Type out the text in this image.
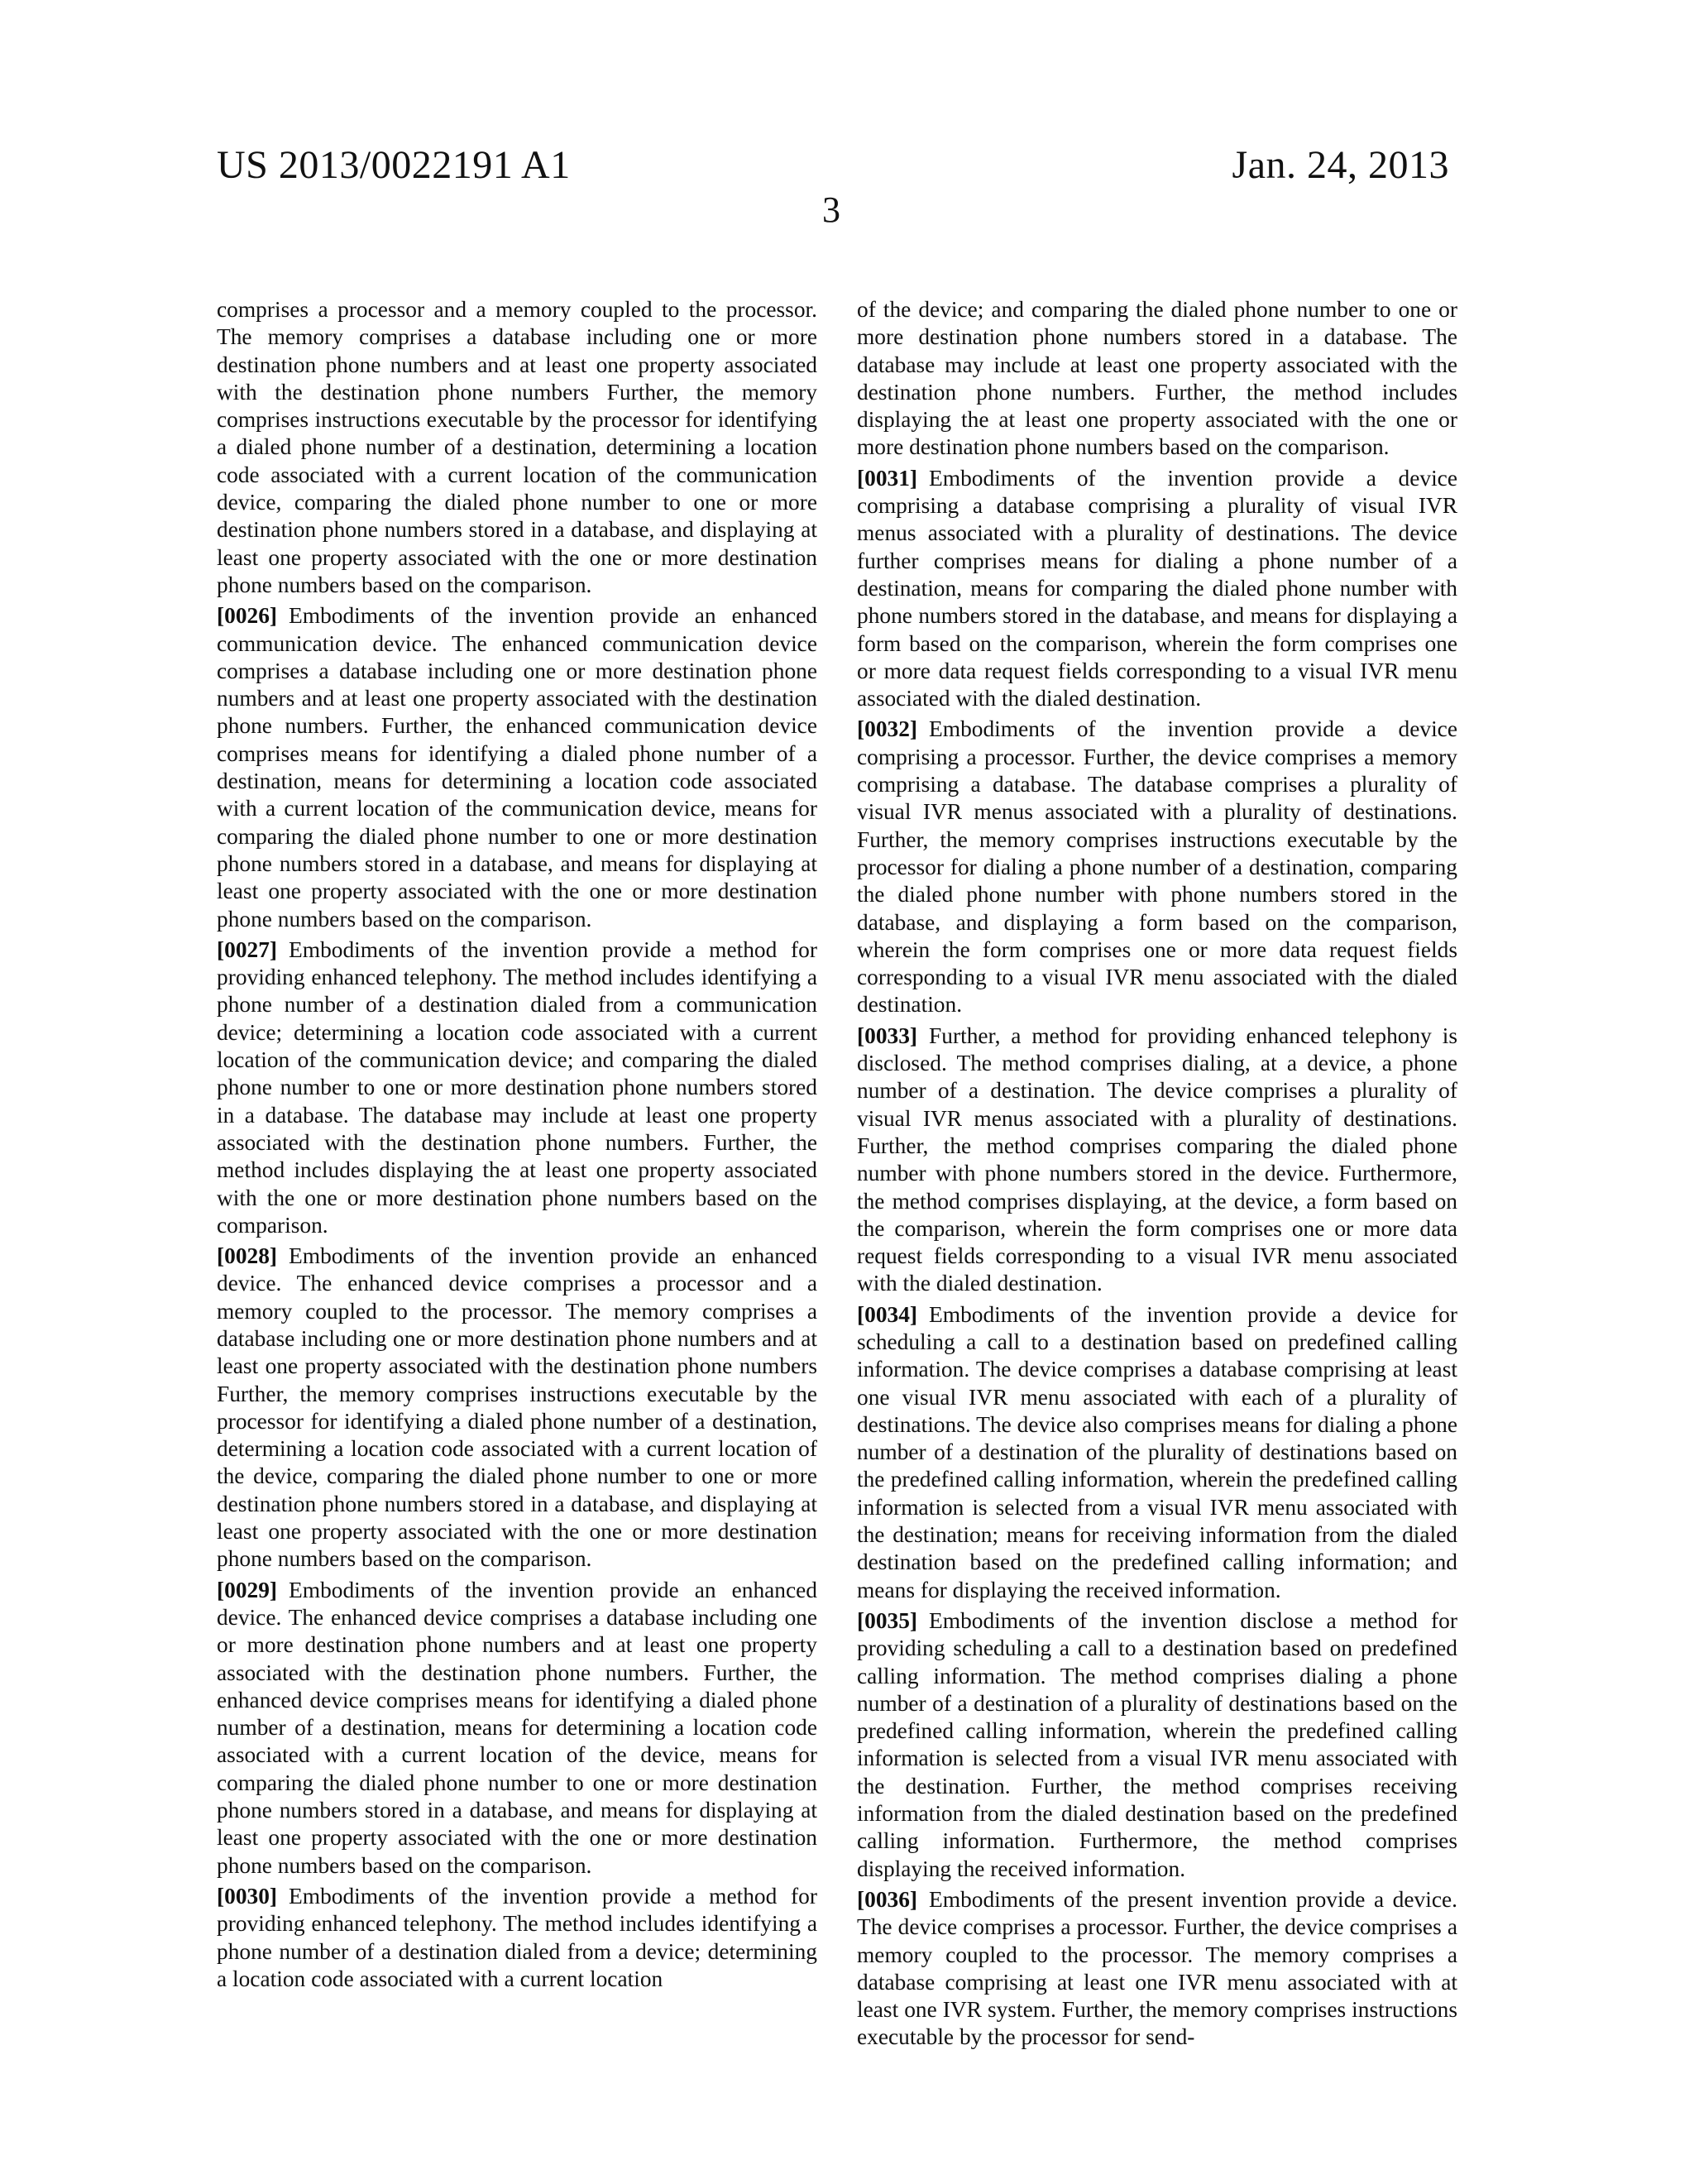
US 2013/0022191 A1	Jan. 24, 2013
3

comprises a processor and a memory coupled to the processor. The memory comprises a database including one or more destination phone numbers and at least one property associated with the destination phone numbers Further, the memory comprises instructions executable by the processor for identifying a dialed phone number of a destination, determining a location code associated with a current location of the communication device, comparing the dialed phone number to one or more destination phone numbers stored in a database, and displaying at least one property associated with the one or more destination phone numbers based on the comparison.

[0026] Embodiments of the invention provide an enhanced communication device. The enhanced communication device comprises a database including one or more destination phone numbers and at least one property associated with the destination phone numbers. Further, the enhanced communication device comprises means for identifying a dialed phone number of a destination, means for determining a location code associated with a current location of the communication device, means for comparing the dialed phone number to one or more destination phone numbers stored in a database, and means for displaying at least one property associated with the one or more destination phone numbers based on the comparison.

[0027] Embodiments of the invention provide a method for providing enhanced telephony. The method includes identifying a phone number of a destination dialed from a communication device; determining a location code associated with a current location of the communication device; and comparing the dialed phone number to one or more destination phone numbers stored in a database. The database may include at least one property associated with the destination phone numbers. Further, the method includes displaying the at least one property associated with the one or more destination phone numbers based on the comparison.

[0028] Embodiments of the invention provide an enhanced device. The enhanced device comprises a processor and a memory coupled to the processor. The memory comprises a database including one or more destination phone numbers and at least one property associated with the destination phone numbers Further, the memory comprises instructions executable by the processor for identifying a dialed phone number of a destination, determining a location code associated with a current location of the device, comparing the dialed phone number to one or more destination phone numbers stored in a database, and displaying at least one property associated with the one or more destination phone numbers based on the comparison.

[0029] Embodiments of the invention provide an enhanced device. The enhanced device comprises a database including one or more destination phone numbers and at least one property associated with the destination phone numbers. Further, the enhanced device comprises means for identifying a dialed phone number of a destination, means for determining a location code associated with a current location of the device, means for comparing the dialed phone number to one or more destination phone numbers stored in a database, and means for displaying at least one property associated with the one or more destination phone numbers based on the comparison.

[0030] Embodiments of the invention provide a method for providing enhanced telephony. The method includes identifying a phone number of a destination dialed from a device; determining a location code associated with a current location

of the device; and comparing the dialed phone number to one or more destination phone numbers stored in a database. The database may include at least one property associated with the destination phone numbers. Further, the method includes displaying the at least one property associated with the one or more destination phone numbers based on the comparison.

[0031] Embodiments of the invention provide a device comprising a database comprising a plurality of visual IVR menus associated with a plurality of destinations. The device further comprises means for dialing a phone number of a destination, means for comparing the dialed phone number with phone numbers stored in the database, and means for displaying a form based on the comparison, wherein the form comprises one or more data request fields corresponding to a visual IVR menu associated with the dialed destination.

[0032] Embodiments of the invention provide a device comprising a processor. Further, the device comprises a memory comprising a database. The database comprises a plurality of visual IVR menus associated with a plurality of destinations. Further, the memory comprises instructions executable by the processor for dialing a phone number of a destination, comparing the dialed phone number with phone numbers stored in the database, and displaying a form based on the comparison, wherein the form comprises one or more data request fields corresponding to a visual IVR menu associated with the dialed destination.

[0033] Further, a method for providing enhanced telephony is disclosed. The method comprises dialing, at a device, a phone number of a destination. The device comprises a plurality of visual IVR menus associated with a plurality of destinations. Further, the method comprises comparing the dialed phone number with phone numbers stored in the device. Furthermore, the method comprises displaying, at the device, a form based on the comparison, wherein the form comprises one or more data request fields corresponding to a visual IVR menu associated with the dialed destination.

[0034] Embodiments of the invention provide a device for scheduling a call to a destination based on predefined calling information. The device comprises a database comprising at least one visual IVR menu associated with each of a plurality of destinations. The device also comprises means for dialing a phone number of a destination of the plurality of destinations based on the predefined calling information, wherein the predefined calling information is selected from a visual IVR menu associated with the destination; means for receiving information from the dialed destination based on the predefined calling information; and means for displaying the received information.

[0035] Embodiments of the invention disclose a method for providing scheduling a call to a destination based on predefined calling information. The method comprises dialing a phone number of a destination of a plurality of destinations based on the predefined calling information, wherein the predefined calling information is selected from a visual IVR menu associated with the destination. Further, the method comprises receiving information from the dialed destination based on the predefined calling information. Furthermore, the method comprises displaying the received information.

[0036] Embodiments of the present invention provide a device. The device comprises a processor. Further, the device comprises a memory coupled to the processor. The memory comprises a database comprising at least one IVR menu associated with at least one IVR system. Further, the memory comprises instructions executable by the processor for send-
